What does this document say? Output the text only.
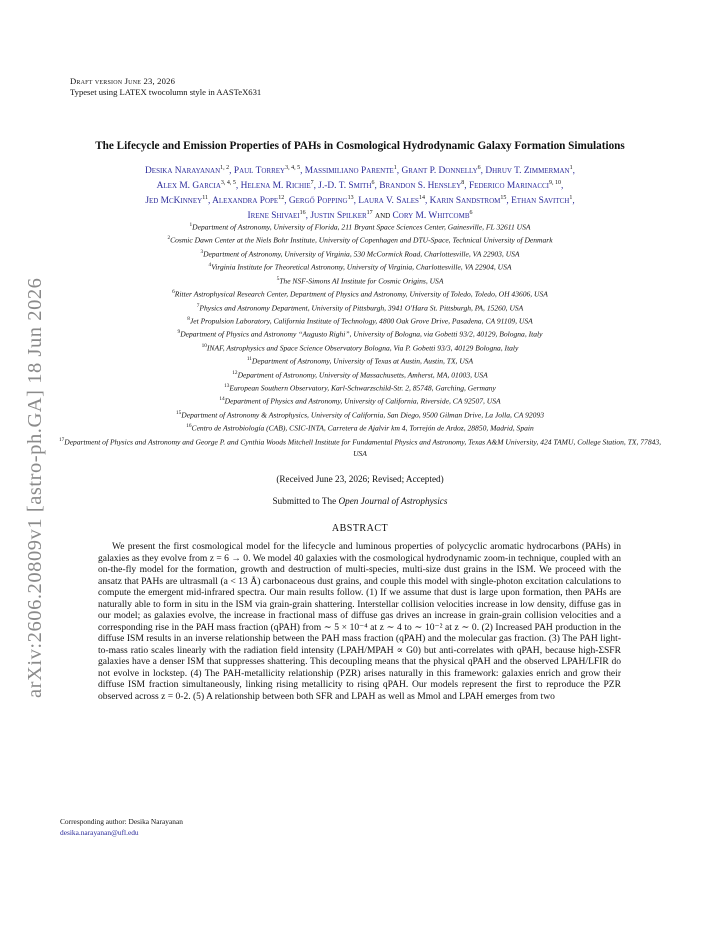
arXiv:2606.20809v1 [astro-ph.GA] 18 Jun 2026
Draft version June 23, 2026
Typeset using LATEX twocolumn style in AASTeX631
The Lifecycle and Emission Properties of PAHs in Cosmological Hydrodynamic Galaxy Formation Simulations
Desika Narayanan$^{1, 2}$, Paul Torrey$^{3, 4, 5}$, Massimiliano Parente$^1$, Grant P. Donnelly$^6$, Dhruv T. Zimmerman$^1$,
Alex M. Garcia$^{3, 4, 5}$, Helena M. Richie$^7$, J.-D. T. Smith$^6$, Brandon S. Hensley$^8$, Federico Marinacci$^{9, 10}$,
Jed McKinney$^{11}$, Alexandra Pope$^{12}$, Gergő Popping$^{13}$, Laura V. Sales$^{14}$, Karin Sandstrom$^{15}$, Ethan Savitch$^1$,
Irene Shivaei$^{16}$, Justin Spilker$^{17}$ and Cory M. Whitcomb$^6$
$^1$Department of Astronomy, University of Florida, 211 Bryant Space Sciences Center, Gainesville, FL 32611 USA
$^2$Cosmic Dawn Center at the Niels Bohr Institute, University of Copenhagen and DTU-Space, Technical University of Denmark
$^3$Department of Astronomy, University of Virginia, 530 McCormick Road, Charlottesville, VA 22903, USA
$^4$Virginia Institute for Theoretical Astronomy, University of Virginia, Charlottesville, VA 22904, USA
$^5$The NSF-Simons AI Institute for Cosmic Origins, USA
$^6$Ritter Astrophysical Research Center, Department of Physics and Astronomy, University of Toledo, Toledo, OH 43606, USA
$^7$Physics and Astronomy Department, University of Pittsburgh, 3941 O'Hara St. Pittsburgh, PA, 15260, USA
$^8$Jet Propulsion Laboratory, California Institute of Technology, 4800 Oak Grove Drive, Pasadena, CA 91109, USA
$^9$Department of Physics and Astronomy “Augusto Righi”, University of Bologna, via Gobetti 93/2, 40129, Bologna, Italy
$^{10}$INAF, Astrophysics and Space Science Observatory Bologna, Via P. Gobetti 93/3, 40129 Bologna, Italy
$^{11}$Department of Astronomy, University of Texas at Austin, Austin, TX, USA
$^{12}$Department of Astronomy, University of Massachusetts, Amherst, MA, 01003, USA
$^{13}$European Southern Observatory, Karl-Schwarzschild-Str. 2, 85748, Garching, Germany
$^{14}$Department of Physics and Astronomy, University of California, Riverside, CA 92507, USA
$^{15}$Department of Astronomy & Astrophysics, University of California, San Diego, 9500 Gilman Drive, La Jolla, CA 92093
$^{16}$Centro de Astrobiología (CAB), CSIC-INTA, Carretera de Ajalvir km 4, Torrejón de Ardoz, 28850, Madrid, Spain
$^{17}$Department of Physics and Astronomy and George P. and Cynthia Woods Mitchell Institute for Fundamental Physics and Astronomy, Texas A&M University, 424 TAMU, College Station, TX, 77843, USA
(Received June 23, 2026; Revised; Accepted)
Submitted to The Open Journal of Astrophysics
ABSTRACT
We present the first cosmological model for the lifecycle and luminous properties of polycyclic aromatic hydrocarbons (PAHs) in galaxies as they evolve from z = 6 → 0. We model 40 galaxies with the cosmological hydrodynamic zoom-in technique, coupled with an on-the-fly model for the formation, growth and destruction of multi-species, multi-size dust grains in the ISM. We proceed with the ansatz that PAHs are ultrasmall (a < 13 Å) carbonaceous dust grains, and couple this model with single-photon excitation calculations to compute the emergent mid-infrared spectra. Our main results follow. (1) If we assume that dust is large upon formation, then PAHs are naturally able to form in situ in the ISM via grain-grain shattering. Interstellar collision velocities increase in low density, diffuse gas in our model; as galaxies evolve, the increase in fractional mass of diffuse gas drives an increase in grain-grain collision velocities and a corresponding rise in the PAH mass fraction (qPAH) from ∼ 5 × 10⁻⁴ at z ∼ 4 to ∼ 10⁻² at z ∼ 0. (2) Increased PAH production in the diffuse ISM results in an inverse relationship between the PAH mass fraction (qPAH) and the molecular gas fraction. (3) The PAH light-to-mass ratio scales linearly with the radiation field intensity (LPAH/MPAH ∝ G0) but anti-correlates with qPAH, because high-ΣSFR galaxies have a denser ISM that suppresses shattering. This decoupling means that the physical qPAH and the observed LPAH/LFIR do not evolve in lockstep. (4) The PAH-metallicity relationship (PZR) arises naturally in this framework: galaxies enrich and grow their diffuse ISM fraction simultaneously, linking rising metallicity to rising qPAH. Our models represent the first to reproduce the PZR observed across z = 0-2. (5) A relationship between both SFR and LPAH as well as Mmol and LPAH emerges from two
Corresponding author: Desika Narayanan
desika.narayanan@ufl.edu
